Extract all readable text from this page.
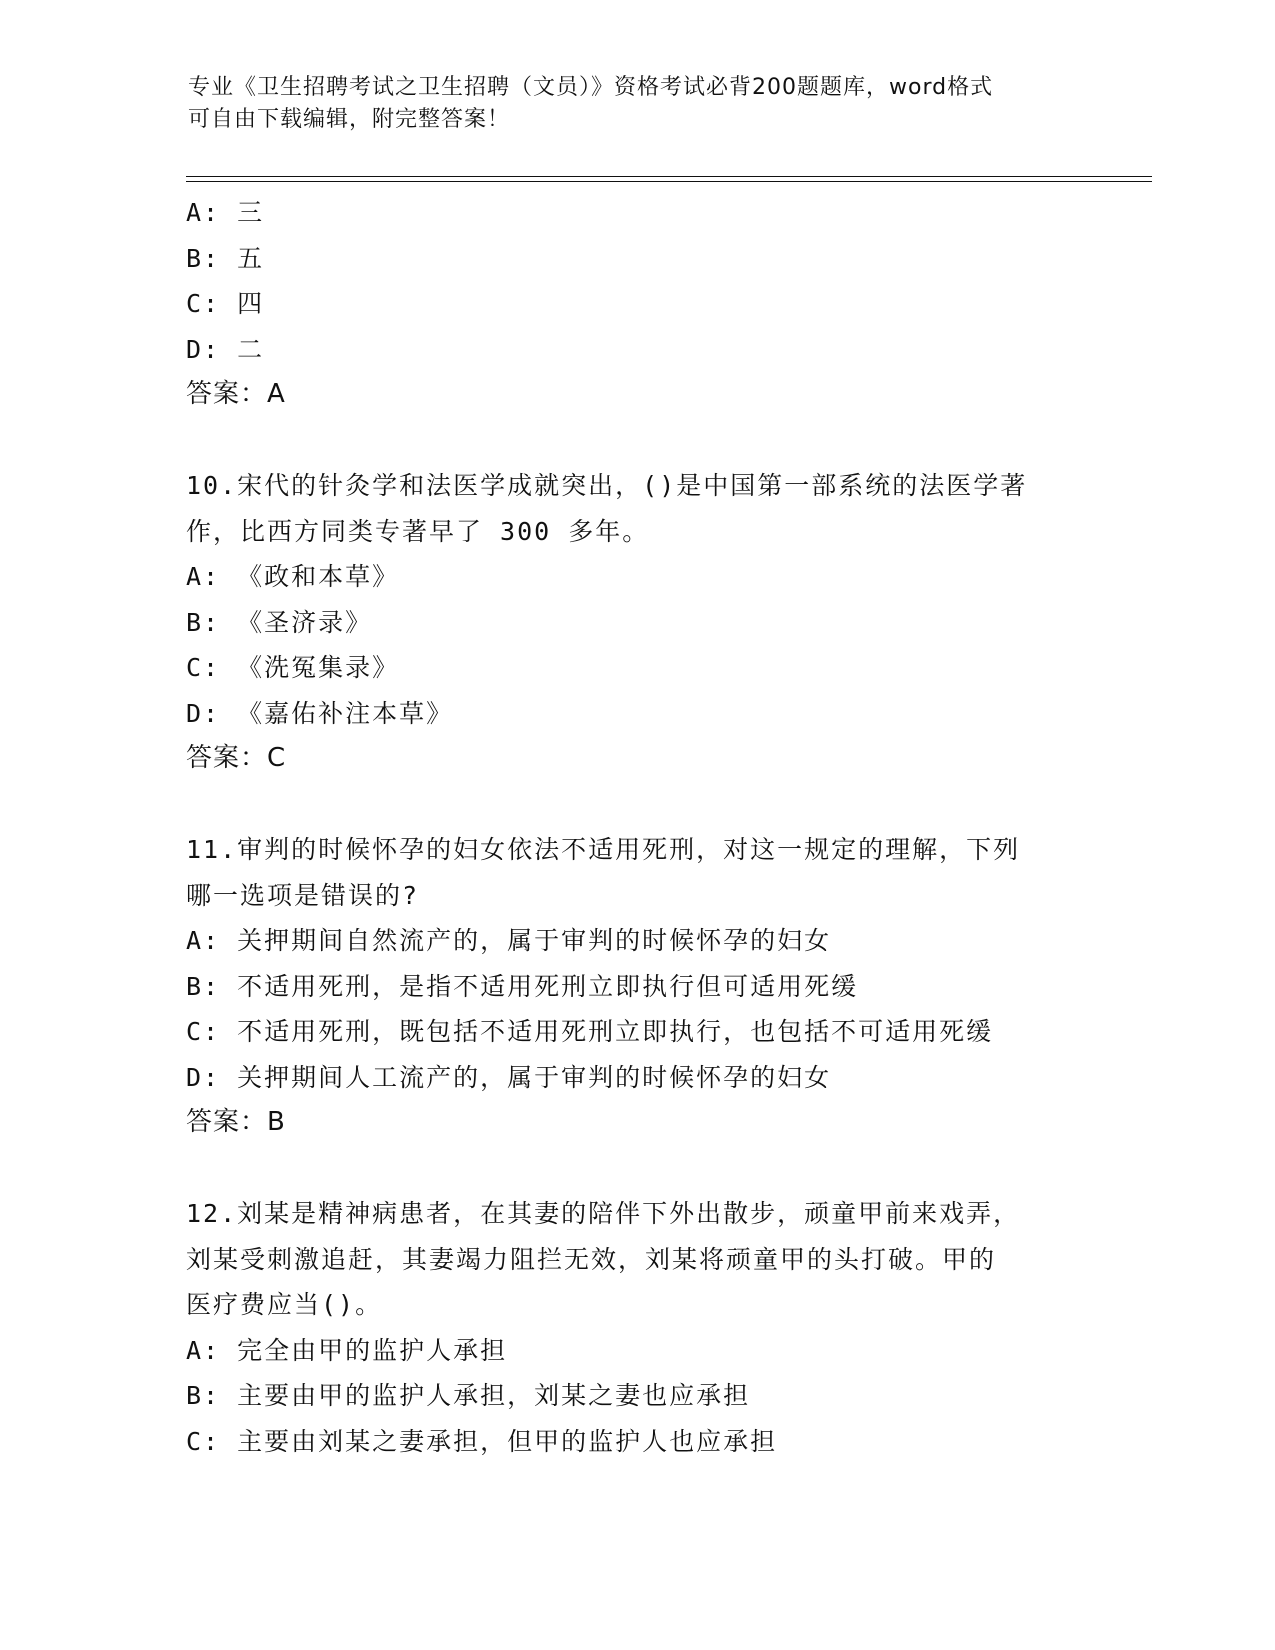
专业《卫生招聘考试之卫生招聘（文员）》资格考试必背200题题库，word格式
可自由下载编辑，附完整答案！
A: 三
B: 五
C: 四
D: 二
答案：A
10.宋代的针灸学和法医学成就突出，()是中国第一部系统的法医学著
作，比西方同类专著早了 300 多年。
A: 《政和本草》
B: 《圣济录》
C: 《洗冤集录》
D: 《嘉佑补注本草》
答案：C
11.审判的时候怀孕的妇女依法不适用死刑，对这一规定的理解，下列
哪一选项是错误的?
A: 关押期间自然流产的，属于审判的时候怀孕的妇女
B: 不适用死刑，是指不适用死刑立即执行但可适用死缓
C: 不适用死刑，既包括不适用死刑立即执行，也包括不可适用死缓
D: 关押期间人工流产的，属于审判的时候怀孕的妇女
答案：B
12.刘某是精神病患者，在其妻的陪伴下外出散步，顽童甲前来戏弄，
刘某受刺激追赶，其妻竭力阻拦无效，刘某将顽童甲的头打破。甲的
医疗费应当()。
A: 完全由甲的监护人承担
B: 主要由甲的监护人承担，刘某之妻也应承担
C: 主要由刘某之妻承担，但甲的监护人也应承担
